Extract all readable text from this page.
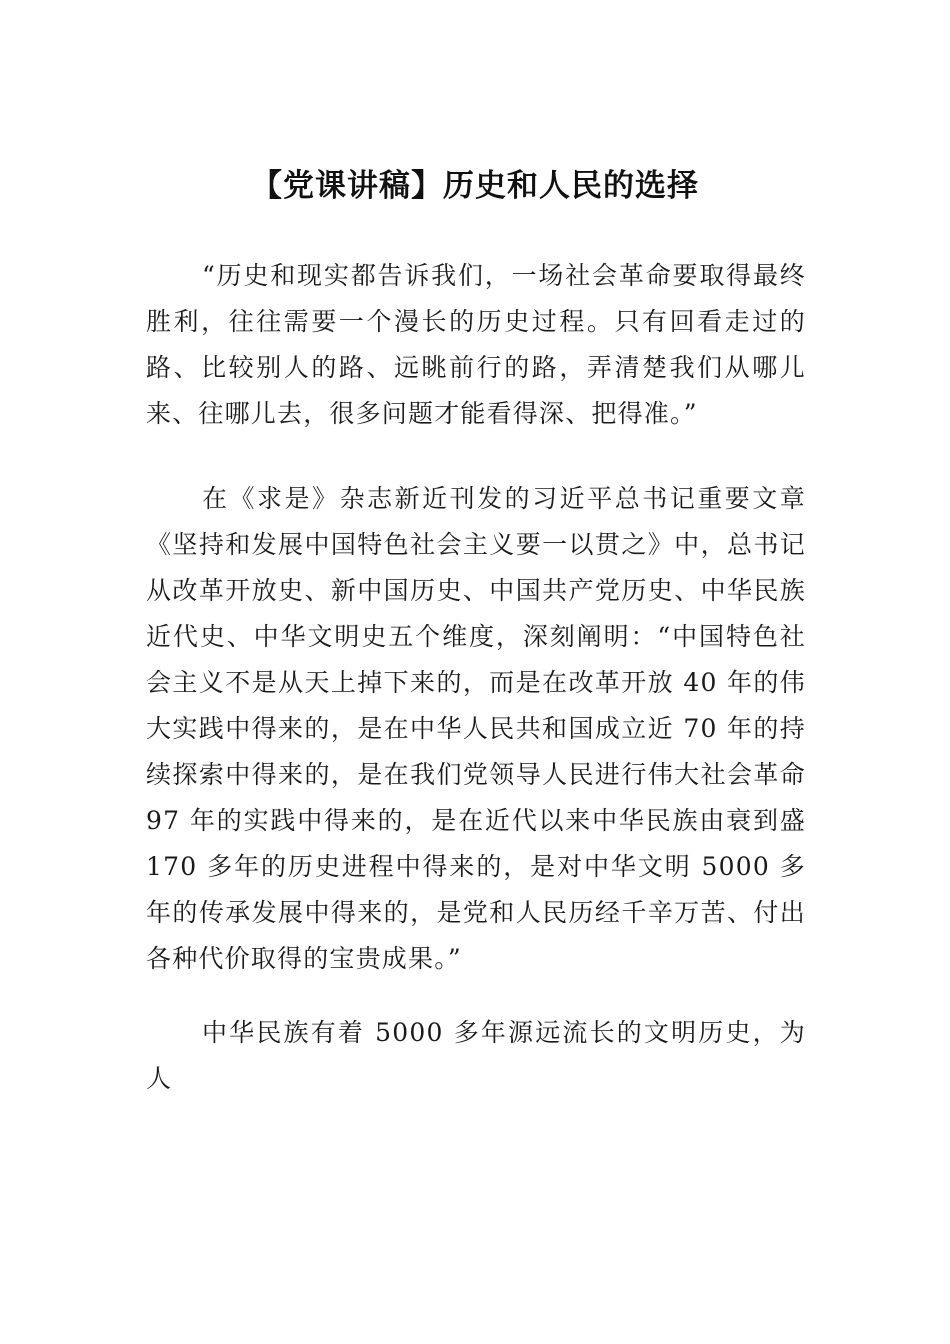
【党课讲稿】历史和人民的选择

“历史和现实都告诉我们，一场社会革命要取得最终胜利，往往需要一个漫长的历史过程。只有回看走过的路、比较别人的路、远眺前行的路，弄清楚我们从哪儿来、往哪儿去，很多问题才能看得深、把得准。”

在《求是》杂志新近刊发的习近平总书记重要文章《坚持和发展中国特色社会主义要一以贯之》中，总书记从改革开放史、新中国历史、中国共产党历史、中华民族近代史、中华文明史五个维度，深刻阐明：“中国特色社会主义不是从天上掉下来的，而是在改革开放 40 年的伟大实践中得来的，是在中华人民共和国成立近 70 年的持续探索中得来的，是在我们党领导人民进行伟大社会革命 97 年的实践中得来的，是在近代以来中华民族由衰到盛 170 多年的历史进程中得来的，是对中华文明 5000 多年的传承发展中得来的，是党和人民历经千辛万苦、付出各种代价取得的宝贵成果。”

中华民族有着 5000 多年源远流长的文明历史，为人
